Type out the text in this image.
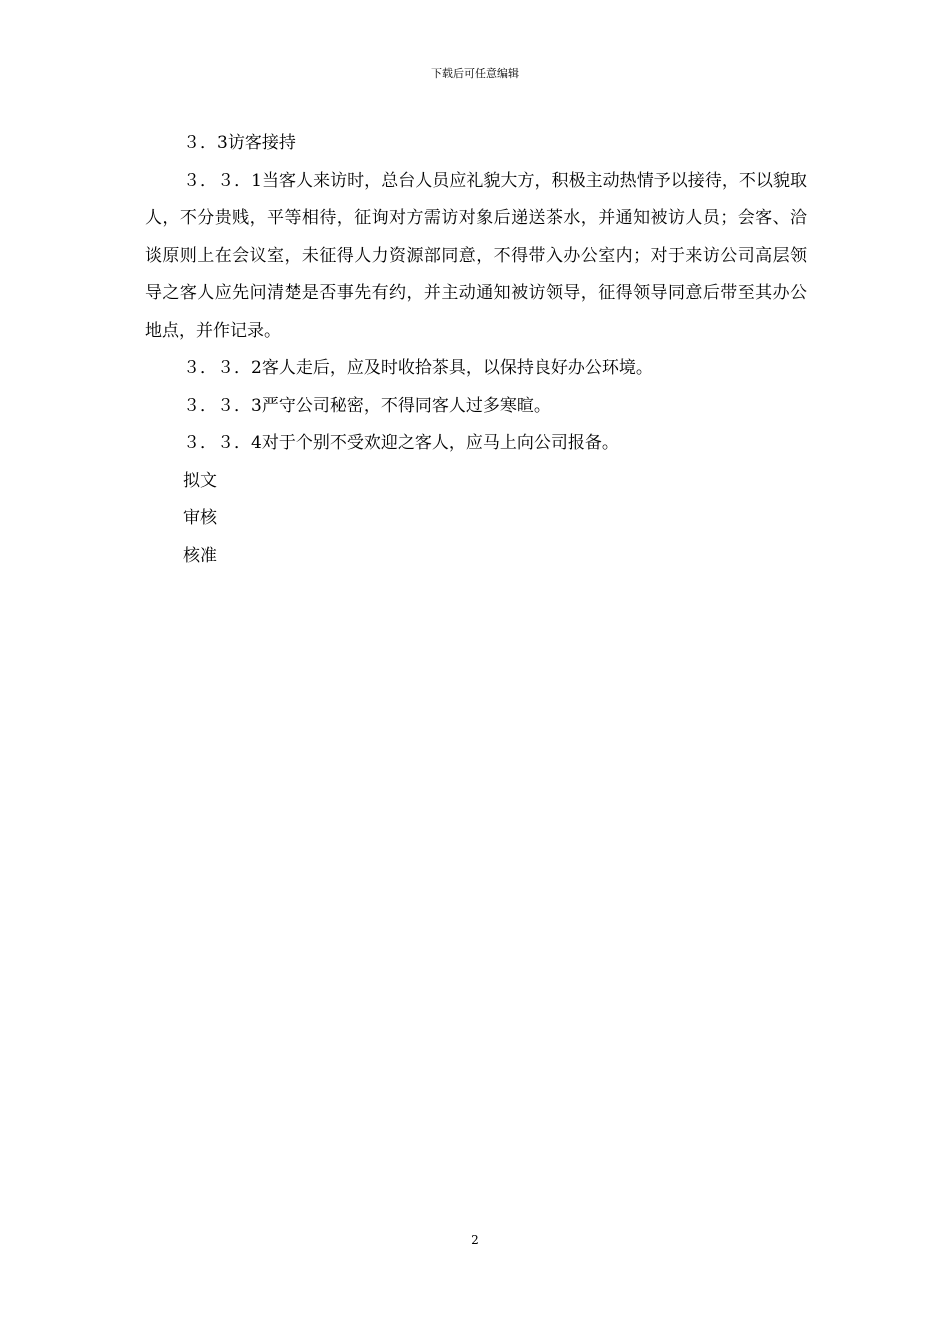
下载后可任意编辑

３．3访客接持

３．３．1当客人来访时，总台人员应礼貌大方，积极主动热情予以接待，不以貌取人，不分贵贱，平等相待，征询对方需访对象后递送茶水，并通知被访人员；会客、洽谈原则上在会议室，未征得人力资源部同意，不得带入办公室内；对于来访公司高层领导之客人应先问清楚是否事先有约，并主动通知被访领导，征得领导同意后带至其办公地点，并作记录。

３．３．2客人走后，应及时收拾茶具，以保持良好办公环境。

３．３．3严守公司秘密，不得同客人过多寒暄。

３．３．4对于个别不受欢迎之客人，应马上向公司报备。

拟文

审核

核准

2
